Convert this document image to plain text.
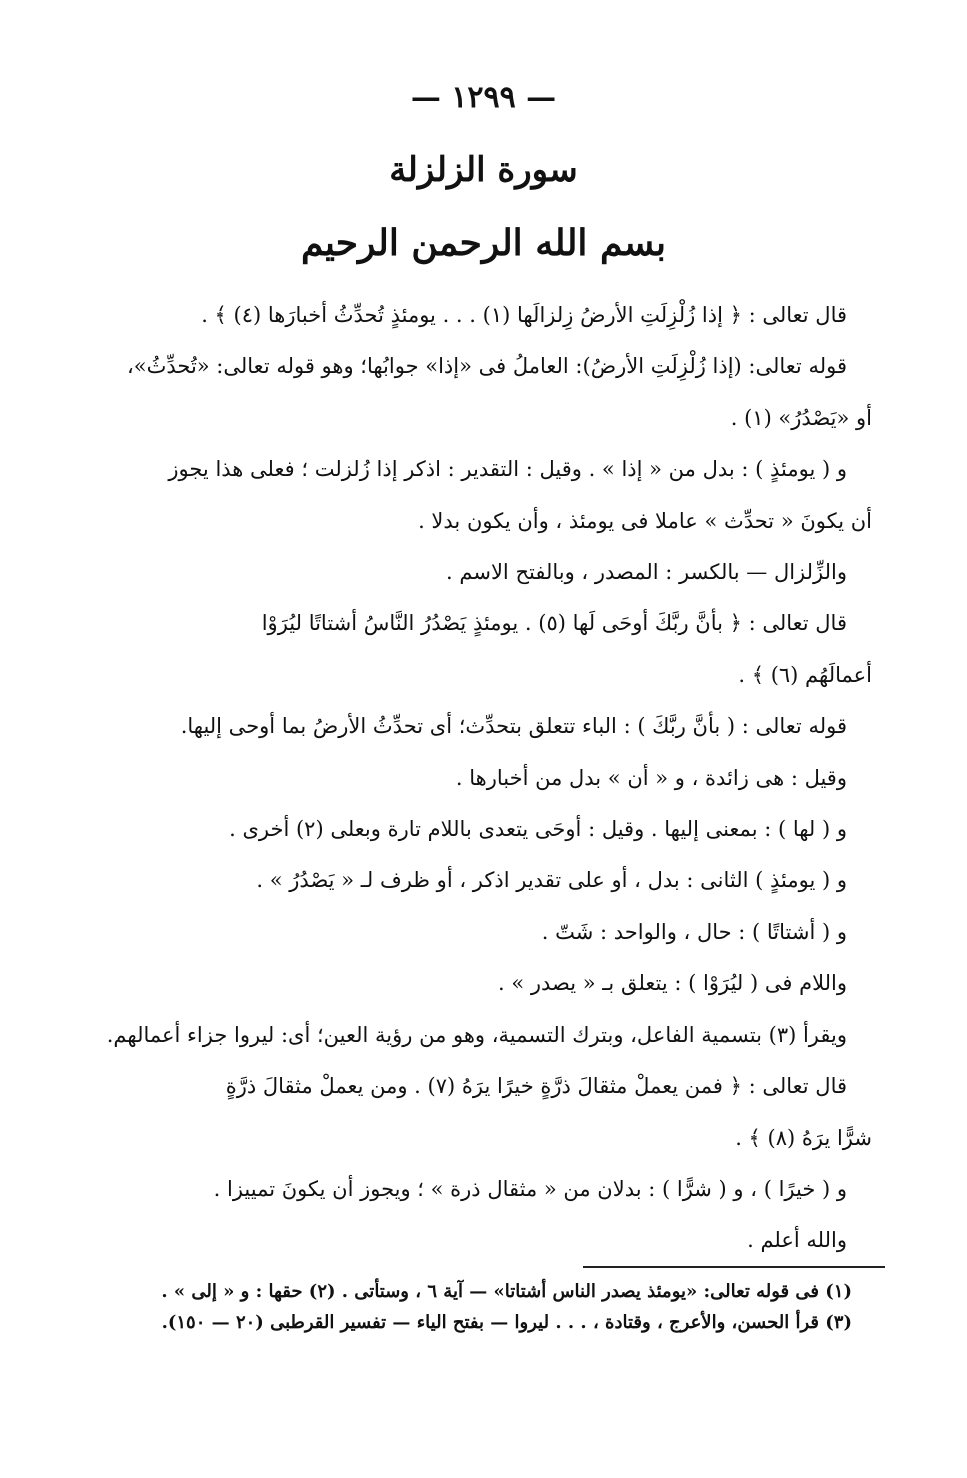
— ١٢٩٩ —
سورة الزلزلة
بسم الله الرحمن الرحيم

قال تعالى : ﴿ إذا زُلْزِلَتِ الأرضُ زِلزالَها (١) . . . يومئذٍ تُحدِّثُ أخبارَها (٤) ﴾ .

قوله تعالى: (إذا زُلْزِلَتِ الأرضُ): العاملُ فى «إذا» جوابُها؛ وهو قوله تعالى: «تُحدِّثُ»،

أو «يَصْدُرُ» (١) .

و ( يومئذٍ ) : بدل من « إذا » . وقيل : التقدير : اذكر إذا زُلزلت ؛ فعلى هذا يجوز

أن يكونَ « تحدِّث » عاملا فى يومئذ ، وأن يكون بدلا .

والزِّلزال — بالكسر : المصدر ، وبالفتح الاسم .

قال تعالى : ﴿ بأنَّ ربَّكَ أوحَى لَها (٥) . يومئذٍ يَصْدُرُ النَّاسُ أشتاتًا ليُرَوْا

أعمالَهُم (٦) ﴾ .

قوله تعالى : ( بأنَّ ربَّكَ ) : الباء تتعلق بتحدِّث؛ أى تحدِّثُ الأرضُ بما أوحى إليها.

وقيل : هى زائدة ، و « أن » بدل من أخبارها .

و ( لها ) : بمعنى إليها . وقيل : أوحَى يتعدى باللام تارة وبعلى (٢) أخرى .

و ( يومئذٍ ) الثانى : بدل ، أو على تقدير اذكر ، أو ظرف لـ « يَصْدُرُ » .

و ( أشتاتًا ) : حال ، والواحد : شَتّ .

واللام فى ( ليُرَوْا ) : يتعلق بـ « يصدر » .

ويقرأ (٣) بتسمية الفاعل، وبترك التسمية، وهو من رؤية العين؛ أى: ليروا جزاء أعمالهم.

قال تعالى : ﴿ فمن يعملْ مثقالَ ذرَّةٍ خيرًا يرَهُ (٧) . ومن يعملْ مثقالَ ذرَّةٍ

شرًّا يرَهُ (٨) ﴾ .

و ( خيرًا ) ، و ( شرًّا ) : بدلان من « مثقال ذرة » ؛ ويجوز أن يكونَ تمييزا .

والله أعلم .

(١) فى قوله تعالى: «يومئذ يصدر الناس أشتاتا» — آية ٦ ، وستأتى . (٢) حقها : و « إلى » .

(٣) قرأ الحسن، والأعرج ، وقتادة ، . . . ليروا — بفتح الياء — تفسير القرطبى (٢٠ — ١٥٠).
